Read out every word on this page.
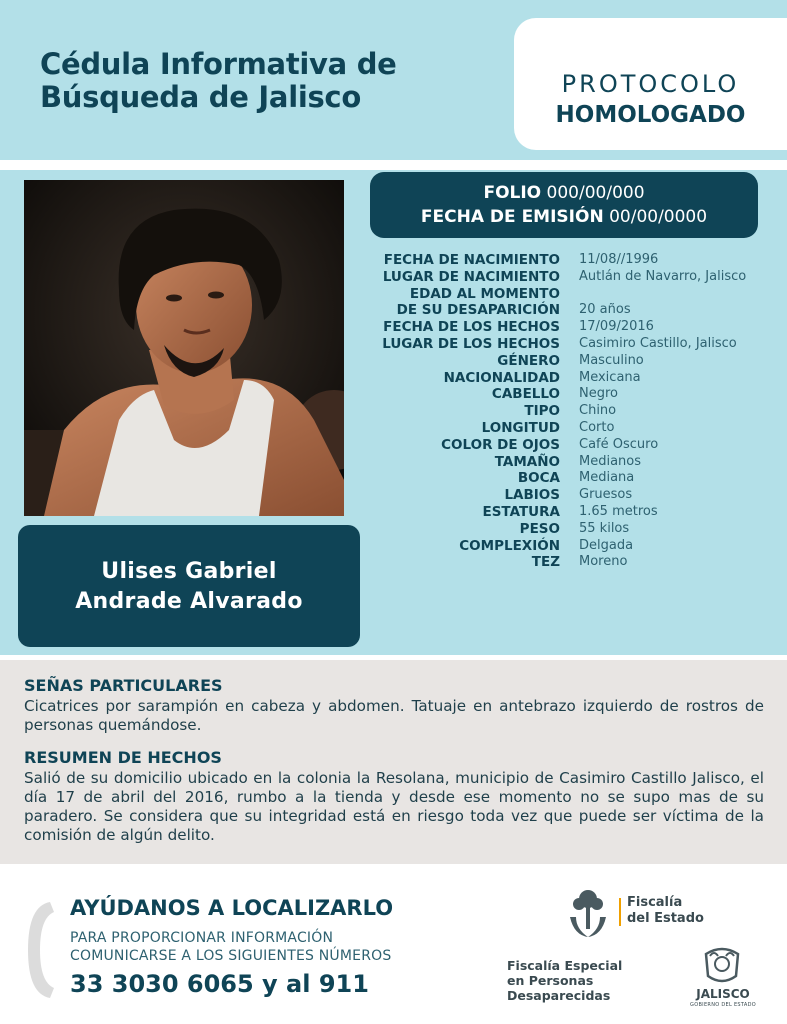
Cédula Informativa de
Búsqueda de Jalisco	PROTOCOLO
HOMOLOGADO
Ulises Gabriel
Andrade Alvarado
FOLIO 000/00/000
FECHA DE EMISIÓN 00/00/0000
FECHA DE NACIMIENTO 11/08//1996
LUGAR DE NACIMIENTO Autlán de Navarro, Jalisco
EDAD AL MOMENTO
DE SU DESAPARICIÓN 20 años
FECHA DE LOS HECHOS 17/09/2016
LUGAR DE LOS HECHOS Casimiro Castillo, Jalisco
GÉNERO Masculino
NACIONALIDAD Mexicana
CABELLO Negro
TIPO Chino
LONGITUD Corto
COLOR DE OJOS Café Oscuro
TAMAÑO Medianos
BOCA Mediana
LABIOS Gruesos
ESTATURA 1.65 metros
PESO 55 kilos
COMPLEXIÓN Delgada
TEZ Moreno
SEÑAS PARTICULARES
Cicatrices por sarampión en cabeza y abdomen. Tatuaje en antebrazo izquierdo de rostros de personas quemándose.
RESUMEN DE HECHOS
Salió de su domicilio ubicado en la colonia la Resolana, municipio de Casimiro Castillo Jalisco, el día 17 de abril del 2016, rumbo a la tienda y desde ese momento no se supo mas de su paradero. Se considera que su integridad está en riesgo toda vez que puede ser víctima de la comisión de algún delito.
AYÚDANOS A LOCALIZARLO
PARA PROPORCIONAR INFORMACIÓN
COMUNICARSE A LOS SIGUIENTES NÚMEROS
33 3030 6065 y al 911
Fiscalía
del Estado
Fiscalía Especial
en Personas
Desaparecidas	JALISCO
GOBIERNO DEL ESTADO
